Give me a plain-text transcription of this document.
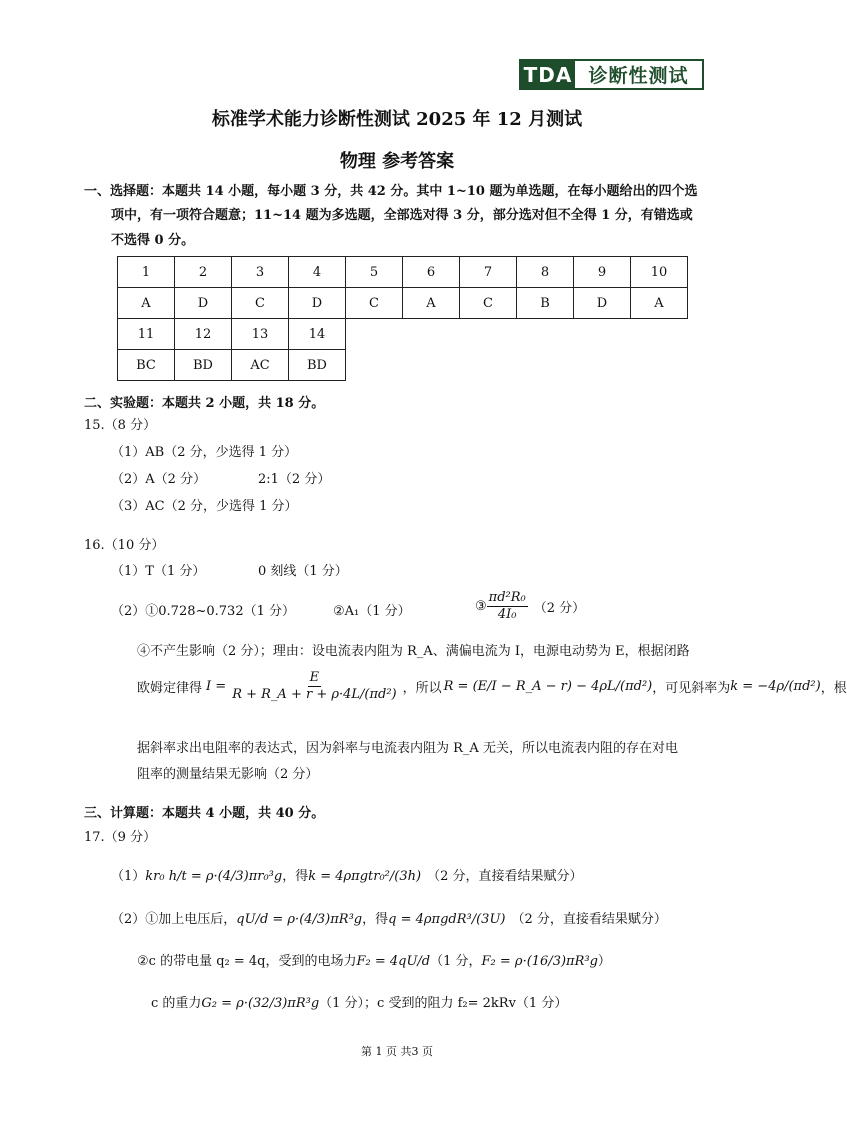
TDA 诊断性测试
标准学术能力诊断性测试 2025 年 12 月测试
物理 参考答案
一、选择题：本题共 14 小题，每小题 3 分，共 42 分。其中 1~10 题为单选题，在每小题给出的四个选
项中，有一项符合题意；11~14 题为多选题，全部选对得 3 分，部分选对但不全得 1 分，有错选或
不选得 0 分。
1	2	3	4	5	6	7	8	9	10
A	D	C	D	C	A	C	B	D	A
11	12	13	14						
BC	BD	AC	BD						
二、实验题：本题共 2 小题，共 18 分。
15.（8 分）
（1）AB（2 分，少选得 1 分）
（2）A（2 分）	2:1（2 分）
（3）AC（2 分，少选得 1 分）
16.（10 分）
（1）T（1 分）	0 刻线（1 分）
（2）①0.728~0.732（1 分）	②A₁（1 分）	③ $\frac{\text{πd²R₀}}{\text{4I₀}} (2$ 分）
④不产生影响（2 分）；理由：设电流表内阻为 R_A、满偏电流为 I，电源电动势为 E，根据闭路
欧姆定律得 $I = \frac{E}{\text{R + R\_A + r + ρ·4L/(πd²)}}$ ，所以 R = (E/I − R_A − r) − 4ρL/(πd²) ，可见斜率为 k = −4ρ/(πd²) ，根
据斜率求出电阻率的表达式，因为斜率与电流表内阻为 R_A 无关，所以电流表内阻的存在对电
阻率的测量结果无影响（2 分）
三、计算题：本题共 4 小题，共 40 分。
17.（9 分）
（1）kr₀ h/t = ρ·(4/3)πr₀³g，得k = 4ρπgtr₀²/(3h) （2 分，直接看结果赋分）
（2）①加上电压后，qU/d = ρ·(4/3)πR³g，得q = 4ρπgdR³/(3U) （2 分，直接看结果赋分）
②c 的带电量 q₂ = 4q，受到的电场力F₂ = 4qU/d（1 分，F₂ = ρ·(16/3)πR³g）
c 的重力G₂ = ρ·(32/3)πR³g（1 分）；c 受到的阻力 f₂= 2kRv（1 分）
第 1 页 共3 页
